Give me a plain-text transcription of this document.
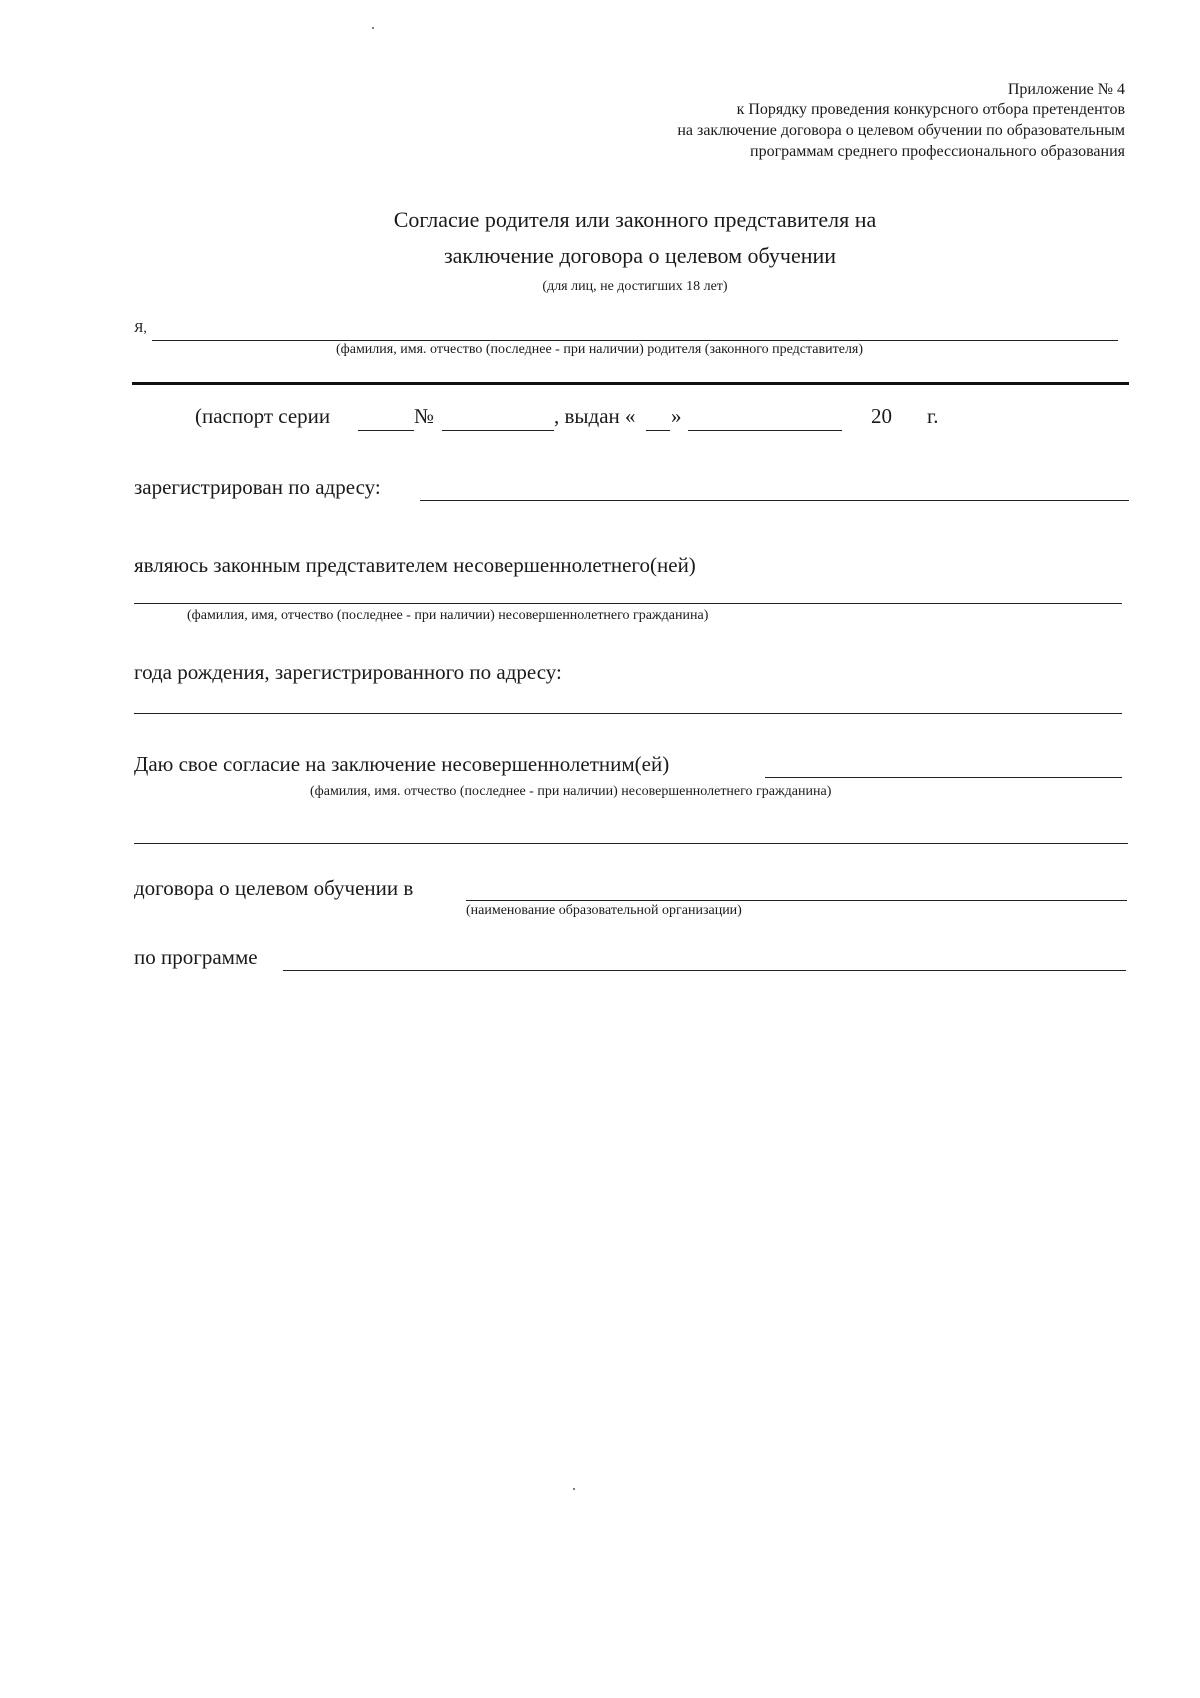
Приложение № 4
к Порядку проведения конкурсного отбора претендентов
на заключение договора о целевом обучении по образовательным
программам среднего профессионального образования
Согласие родителя или законного представителя на
заключение договора о целевом обучении
(для лиц, не достигших 18 лет)
Я,
(фамилия, имя. отчество (последнее - при наличии) родителя (законного представителя)
(паспорт серии	№	, выдан « »	20 г.
зарегистрирован по адресу:
являюсь законным представителем несовершеннолетнего(ней)
(фамилия, имя, отчество (последнее - при наличии) несовершеннолетнего гражданина)
года рождения, зарегистрированного по адресу:
Даю свое согласие на заключение несовершеннолетним(ей)
(фамилия, имя. отчество (последнее - при наличии) несовершеннолетнего гражданина)
договора о целевом обучении в
(наименование образовательной организации)
по программе
